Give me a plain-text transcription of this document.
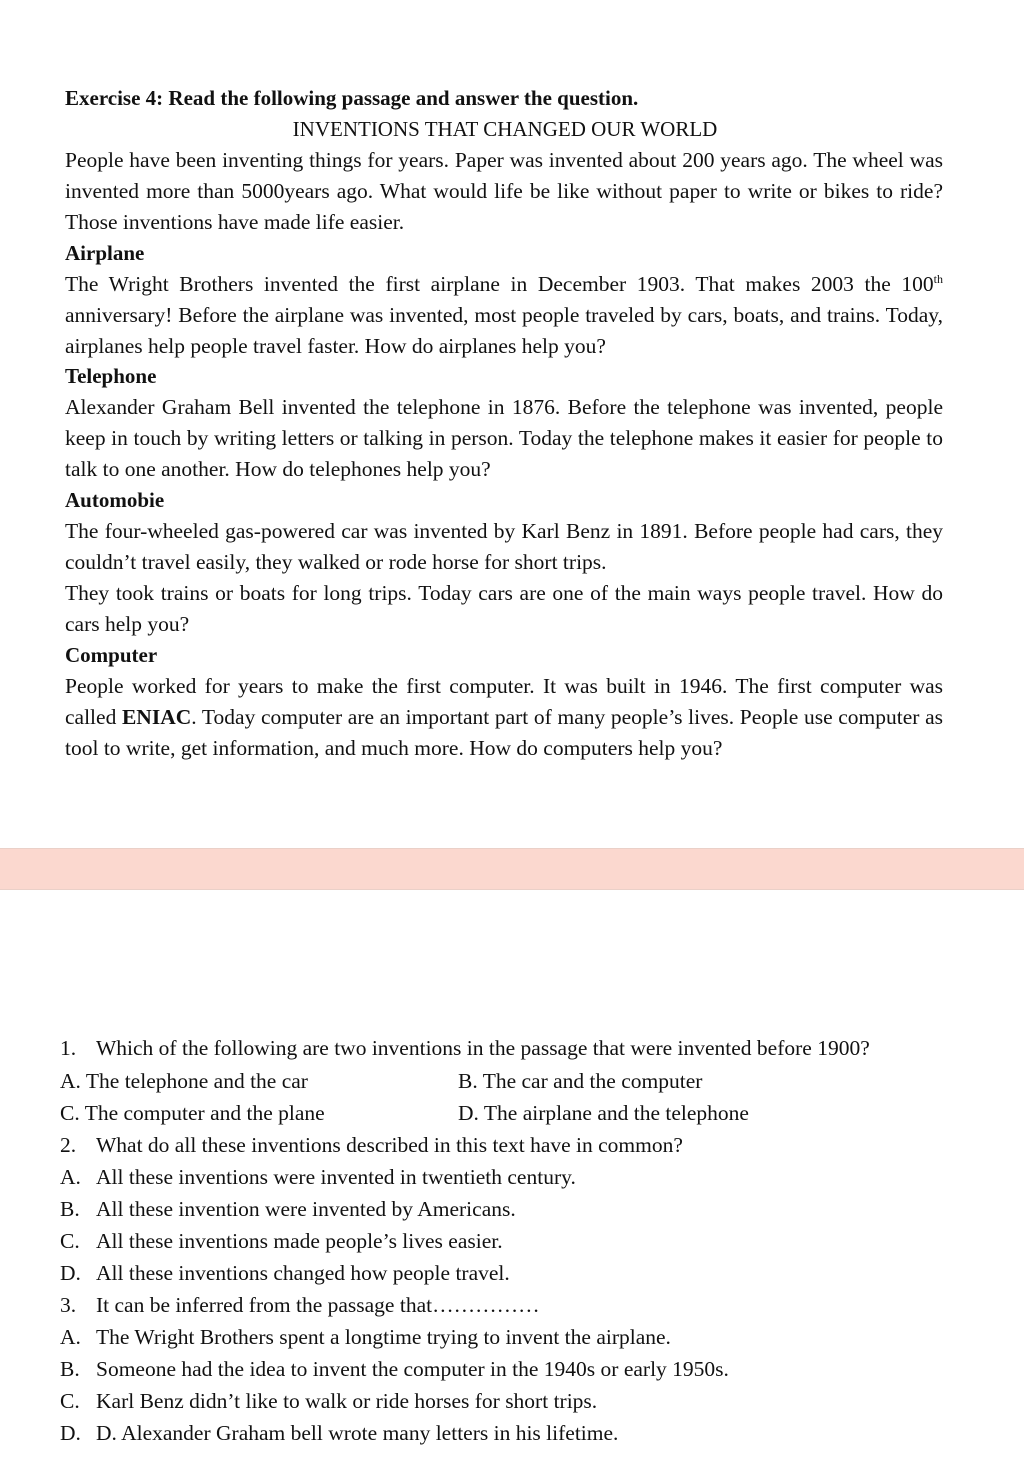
Exercise 4: Read the following passage and answer the question.
INVENTIONS THAT CHANGED OUR WORLD
People have been inventing things for years. Paper was invented about 200 years ago. The wheel was invented more than 5000years ago. What would life be like without paper to write or bikes to ride? Those inventions have made life easier.
Airplane
The Wright Brothers invented the first airplane in December 1903. That makes 2003 the 100th anniversary! Before the airplane was invented, most people traveled by cars, boats, and trains. Today, airplanes help people travel faster. How do airplanes help you?
Telephone
Alexander Graham Bell invented the telephone in 1876. Before the telephone was invented, people keep in touch by writing letters or talking in person. Today the telephone makes it easier for people to talk to one another. How do telephones help you?
Automobie
The four-wheeled gas-powered car was invented by Karl Benz in 1891. Before people had cars, they couldn’t travel easily, they walked or rode horse for short trips.
They took trains or boats for long trips. Today cars are one of the main ways people travel. How do cars help you?
Computer
People worked for years to make the first computer. It was built in 1946. The first computer was called ENIAC. Today computer are an important part of many people’s lives. People use computer as tool to write, get information, and much more. How do computers help you?
1. Which of the following are two inventions in the passage that were invented before 1900?
A. The telephone and the car	B. The car and the computer
C. The computer and the plane	D. The airplane and the telephone
2. What do all these inventions described in this text have in common?
A. All these inventions were invented in twentieth century.
B. All these invention were invented by Americans.
C. All these inventions made people’s lives easier.
D. All these inventions changed how people travel.
3. It can be inferred from the passage that……………
A. The Wright Brothers spent a longtime trying to invent the airplane.
B. Someone had the idea to invent the computer in the 1940s or early 1950s.
C. Karl Benz didn’t like to walk or ride horses for short trips.
D. D. Alexander Graham bell wrote many letters in his lifetime.
